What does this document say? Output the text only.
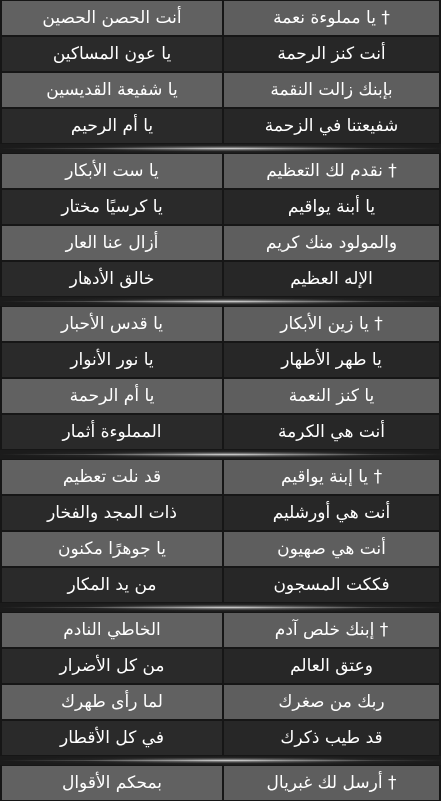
أنت الحصن الحصين	† يا مملوءة نعمة
يا عون المساكين	أنت كنز الرحمة
يا شفيعة القديسين	بإبنك زالت النقمة
يا أم الرحيم	شفيعتنا في الزحمة
يا ست الأبكار	† نقدم لك التعظيم
يا كرسيًا مختار	يا أبنة يواقيم
أزال عنا العار	والمولود منك كريم
خالق الأدهار	الإله العظيم
يا قدس الأحبار	† يا زين الأبكار
يا نور الأنوار	يا طهر الأطهار
يا أم الرحمة	يا كنز النعمة
المملوءة أثمار	أنت هي الكرمة
قد نلت تعظيم	† يا إبنة يواقيم
ذات المجد والفخار	أنت هي أورشليم
يا جوهرًا مكنون	أنت هي صهيون
من يد المكار	فككت المسجون
الخاطي النادم	† إبنك خلص آدم
من كل الأضرار	وعتق العالم
لما رأى طهرك	ربك من صغرك
في كل الأقطار	قد طيب ذكرك
بمحكم الأقوال	† أرسل لك غبريال
